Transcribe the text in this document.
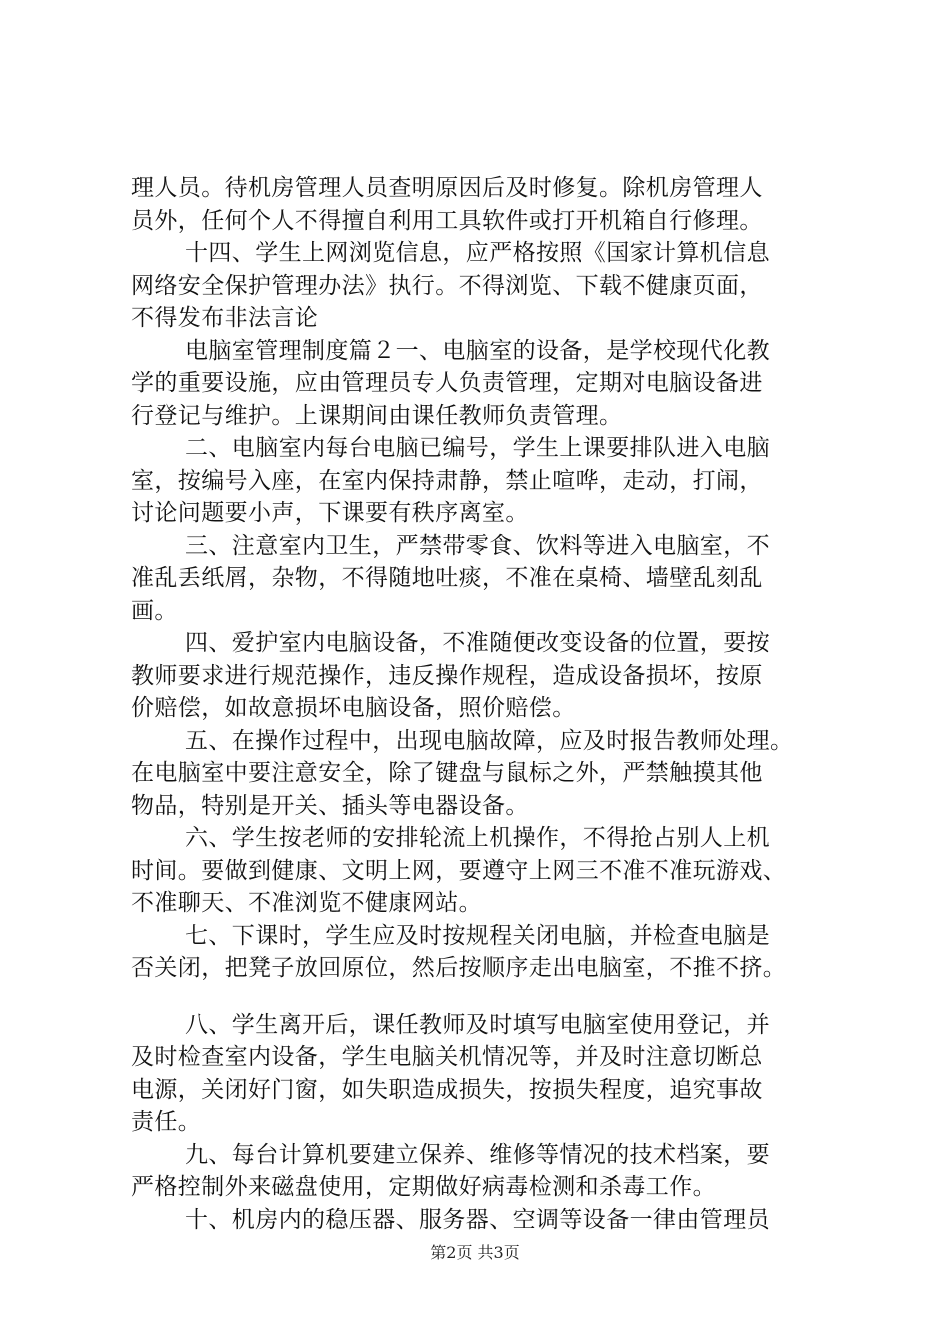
理人员。待机房管理人员查明原因后及时修复。除机房管理人
员外，任何个人不得擅自利用工具软件或打开机箱自行修理。
十四、学生上网浏览信息，应严格按照《国家计算机信息
网络安全保护管理办法》执行。不得浏览、下载不健康页面，
不得发布非法言论
电脑室管理制度篇２一、电脑室的设备，是学校现代化教
学的重要设施，应由管理员专人负责管理，定期对电脑设备进
行登记与维护。上课期间由课任教师负责管理。
二、电脑室内每台电脑已编号，学生上课要排队进入电脑
室，按编号入座，在室内保持肃静，禁止喧哗，走动，打闹，
讨论问题要小声，下课要有秩序离室。
三、注意室内卫生，严禁带零食、饮料等进入电脑室，不
准乱丢纸屑，杂物，不得随地吐痰，不准在桌椅、墙壁乱刻乱
画。
四、爱护室内电脑设备，不准随便改变设备的位置，要按
教师要求进行规范操作，违反操作规程，造成设备损坏，按原
价赔偿，如故意损坏电脑设备，照价赔偿。
五、在操作过程中，出现电脑故障，应及时报告教师处理。
在电脑室中要注意安全，除了键盘与鼠标之外，严禁触摸其他
物品，特别是开关、插头等电器设备。
六、学生按老师的安排轮流上机操作，不得抢占别人上机
时间。要做到健康、文明上网，要遵守上网三不准不准玩游戏、
不准聊天、不准浏览不健康网站。
七、下课时，学生应及时按规程关闭电脑，并检查电脑是
否关闭，把凳子放回原位，然后按顺序走出电脑室，不推不挤。
八、学生离开后，课任教师及时填写电脑室使用登记，并
及时检查室内设备，学生电脑关机情况等，并及时注意切断总
电源，关闭好门窗，如失职造成损失，按损失程度，追究事故
责任。
九、每台计算机要建立保养、维修等情况的技术档案，要
严格控制外来磁盘使用，定期做好病毒检测和杀毒工作。
十、机房内的稳压器、服务器、空调等设备一律由管理员
第2页 共3页
